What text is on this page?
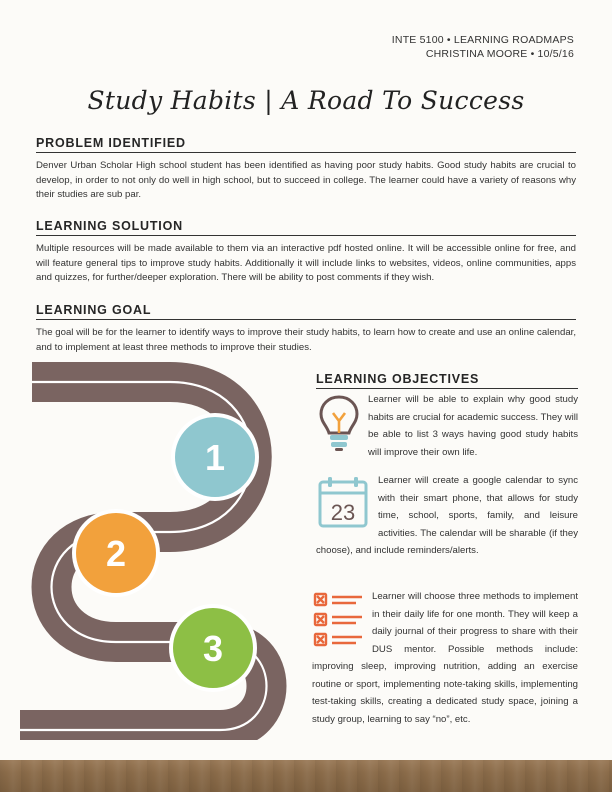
INTE 5100 • LEARNING ROADMAPS
CHRISTINA MOORE • 10/5/16
Study Habits | A Road To Success
PROBLEM IDENTIFIED

Denver Urban Scholar High school student has been identified as having poor study habits. Good study habits are crucial to develop, in order to not only do well in high school, but to succeed in college. The learner could have a variety of reasons why their studies are sub par.

LEARNING SOLUTION

Multiple resources will be made available to them via an interactive pdf hosted online. It will be accessible online for free, and will feature general tips to improve study habits. Additionally it will include links to websites, videos, online communities, apps and quizzes, for further/deeper exploration. There will be ability to post comments if they wish.

LEARNING GOAL

The goal will be for the learner to identify ways to improve their study habits, to learn how to create and use an online calendar, and to implement at least three methods to improve their studies.

1
2
3
LEARNING OBJECTIVES
Learner will be able to explain why good study habits are crucial for academic success. They will be able to list 3 ways having good study habits will improve their own life.
23
Learner will create a google calendar to sync with their smart phone, that allows for study time, school, sports, family, and leisure activities. The calendar will be sharable (if they choose), and include reminders/alerts.
Learner will choose three methods to implement in their daily life for one month. They will keep a daily journal of their progress to share with their DUS mentor. Possible methods include: improving sleep, improving nutrition, adding an exercise routine or sport, implementing note-taking skills, implementing test-taking skills, creating a dedicated study space, joining a study group, learning to say “no”, etc.
